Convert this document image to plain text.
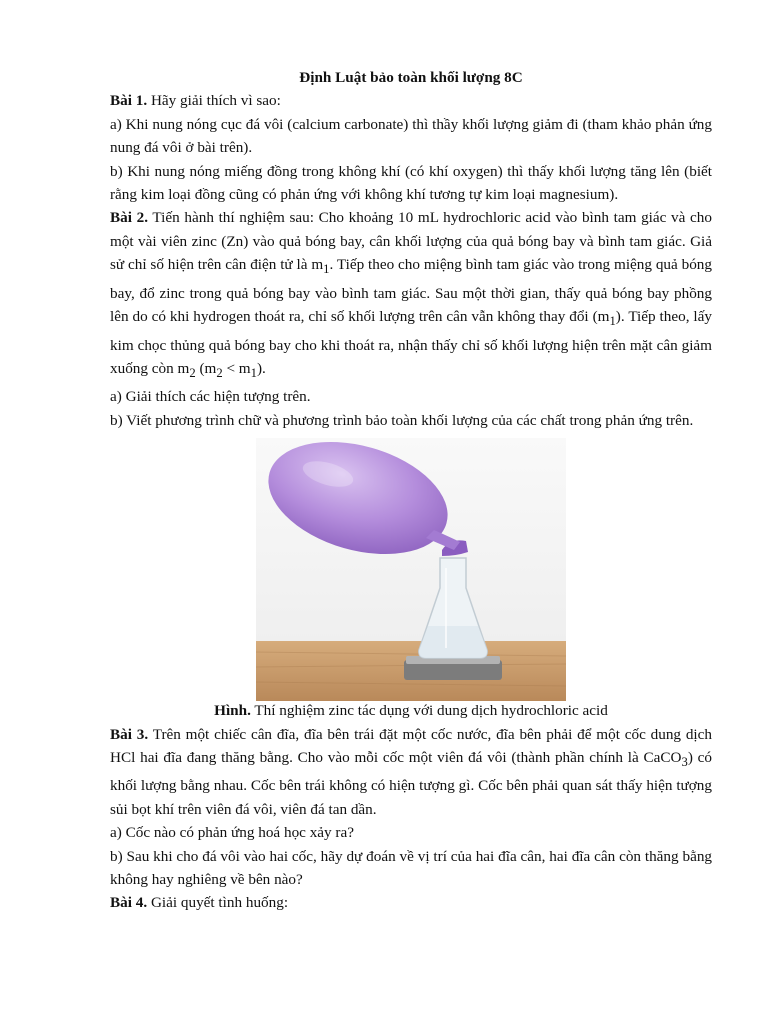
Định Luật bảo toàn khối lượng 8C

Bài 1. Hãy giải thích vì sao:

a) Khi nung nóng cục đá vôi (calcium carbonate) thì thầy khối lượng giảm đi (tham khảo phản ứng nung đá vôi ở bài trên).

b) Khi nung nóng miếng đồng trong không khí (có khí oxygen) thì thấy khối lượng tăng lên (biết rằng kim loại đồng cũng có phản ứng với không khí tương tự kim loại magnesium).

Bài 2. Tiến hành thí nghiệm sau: Cho khoảng 10 mL hydrochloric acid vào bình tam giác và cho một vài viên zinc (Zn) vào quả bóng bay, cân khối lượng của quả bóng bay và bình tam giác. Giả sử chỉ số hiện trên cân điện tử là $m_1$. Tiếp theo cho miệng bình tam giác vào trong miệng quả bóng bay, đổ zinc trong quả bóng bay vào bình tam giác. Sau một thời gian, thấy quả bóng bay phồng lên do có khi hydrogen thoát ra, chỉ số khối lượng trên cân vẫn không thay đổi $(m_1)$. Tiếp theo, lấy kim chọc thủng quả bóng bay cho khi thoát ra, nhận thấy chỉ số khối lượng hiện trên mặt cân giảm xuống còn $m_2$ $(m_2 < m_1)$.

a) Giải thích các hiện tượng trên.

b) Viết phương trình chữ và phương trình bảo toàn khối lượng của các chất trong phản ứng trên.

Hình. Thí nghiệm zinc tác dụng với dung dịch hydrochloric acid

Bài 3. Trên một chiếc cân đĩa, đĩa bên trái đặt một cốc nước, đĩa bên phải để một cốc dung dịch HCl hai đĩa đang thăng bằng. Cho vào mỗi cốc một viên đá vôi (thành phần chính là CaCO$_3$) có khối lượng bằng nhau. Cốc bên trái không có hiện tượng gì. Cốc bên phải quan sát thấy hiện tượng sủi bọt khí trên viên đá vôi, viên đá tan dần.

a) Cốc nào có phản ứng hoá học xảy ra?

b) Sau khi cho đá vôi vào hai cốc, hãy dự đoán về vị trí của hai đĩa cân, hai đĩa cân còn thăng bằng không hay nghiêng về bên nào?

Bài 4. Giải quyết tình huống:
